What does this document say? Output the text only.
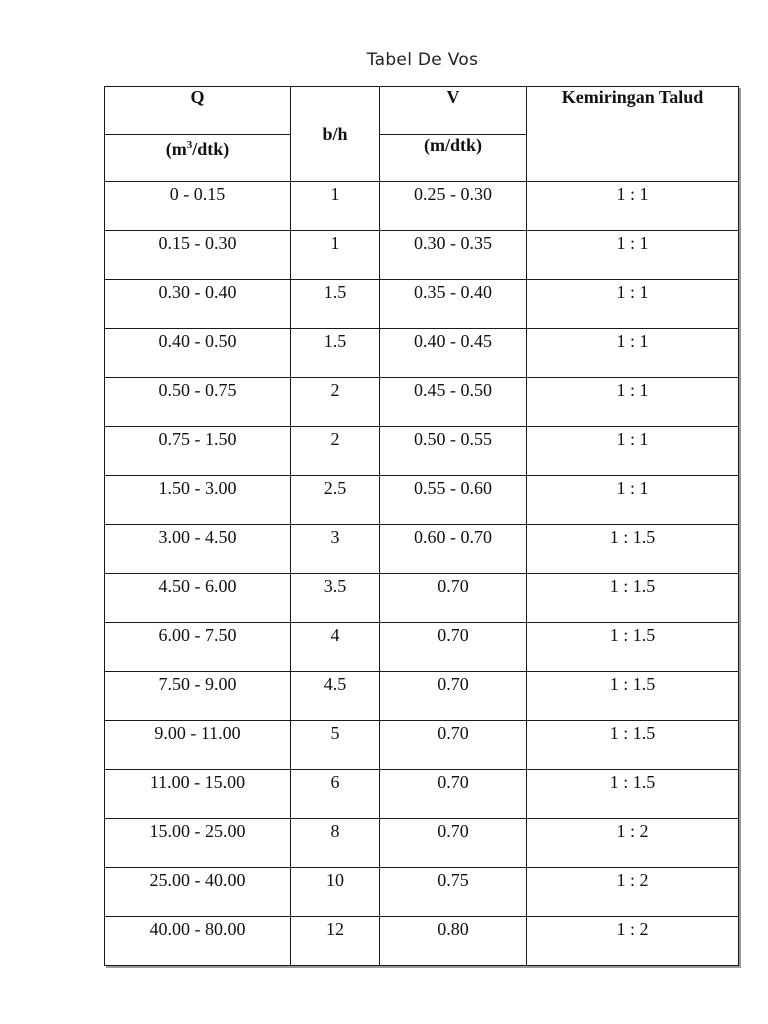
Tabel De Vos
Q	b/h	V	Kemiringan Talud
$(m^3/dtk)$		(m/dtk)	
0 - 0.15	1	0.25 - 0.30	1 : 1
0.15 - 0.30	1	0.30 - 0.35	1 : 1
0.30 - 0.40	1.5	0.35 - 0.40	1 : 1
0.40 - 0.50	1.5	0.40 - 0.45	1 : 1
0.50 - 0.75	2	0.45 - 0.50	1 : 1
0.75 - 1.50	2	0.50 - 0.55	1 : 1
1.50 - 3.00	2.5	0.55 - 0.60	1 : 1
3.00 - 4.50	3	0.60 - 0.70	1 : 1.5
4.50 - 6.00	3.5	0.70	1 : 1.5
6.00 - 7.50	4	0.70	1 : 1.5
7.50 - 9.00	4.5	0.70	1 : 1.5
9.00 - 11.00	5	0.70	1 : 1.5
11.00 - 15.00	6	0.70	1 : 1.5
15.00 - 25.00	8	0.70	1 : 2
25.00 - 40.00	10	0.75	1 : 2
40.00 - 80.00	12	0.80	1 : 2
